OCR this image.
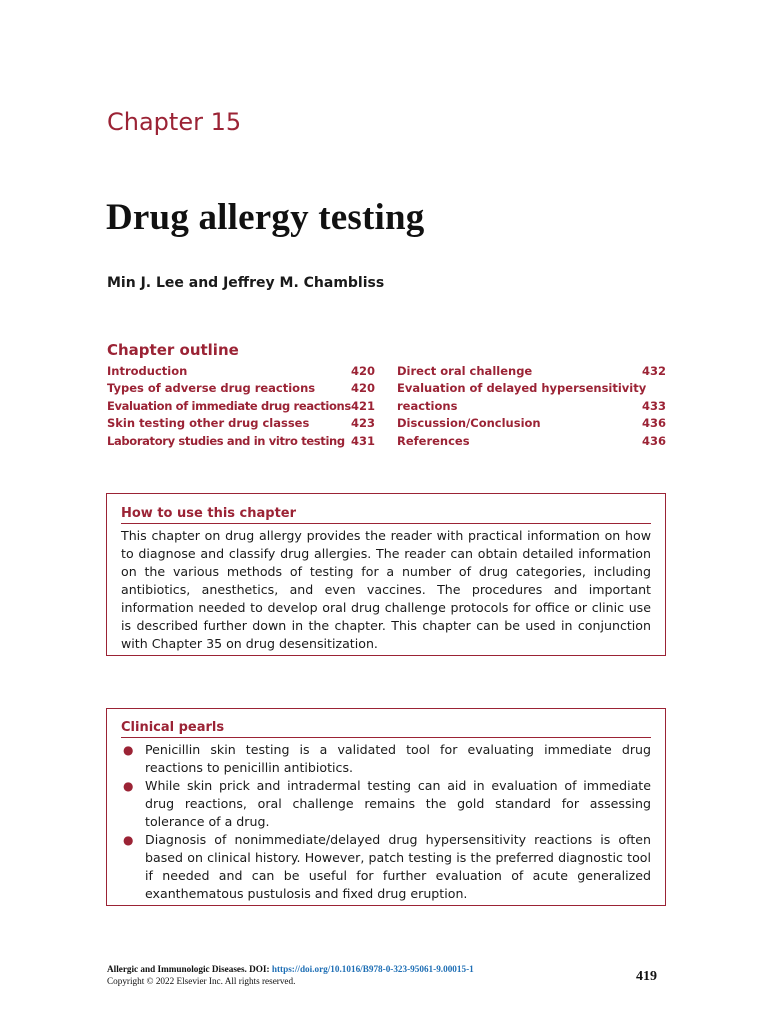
Chapter 15
Drug allergy testing
Min J. Lee and Jeffrey M. Chambliss
Chapter outline
Introduction	420
Types of adverse drug reactions	420
Evaluation of immediate drug reactions 421
Skin testing other drug classes	423
Laboratory studies and in vitro testing 431
Direct oral challenge	432
Evaluation of delayed hypersensitivity
reactions	433
Discussion/Conclusion	436
References	436
How to use this chapter
This chapter on drug allergy provides the reader with practical information on how to diagnose and classify drug allergies. The reader can obtain detailed information on the various methods of testing for a number of drug categories, including antibiotics, anesthetics, and even vaccines. The procedures and important information needed to develop oral drug challenge protocols for office or clinic use is described further down in the chapter. This chapter can be used in conjunction with Chapter 35 on drug desensitization.
Clinical pearls
● Penicillin skin testing is a validated tool for evaluating immediate drug reactions to penicillin antibiotics.
● While skin prick and intradermal testing can aid in evaluation of immediate drug reactions, oral challenge remains the gold standard for assessing tolerance of a drug.
● Diagnosis of nonimmediate/delayed drug hypersensitivity reactions is often based on clinical history. However, patch testing is the preferred diagnostic tool if needed and can be useful for further evaluation of acute generalized exanthematous pustulosis and fixed drug eruption.
Allergic and Immunologic Diseases. DOI: https://doi.org/10.1016/B978-0-323-95061-9.00015-1
Copyright © 2022 Elsevier Inc. All rights reserved.	419
